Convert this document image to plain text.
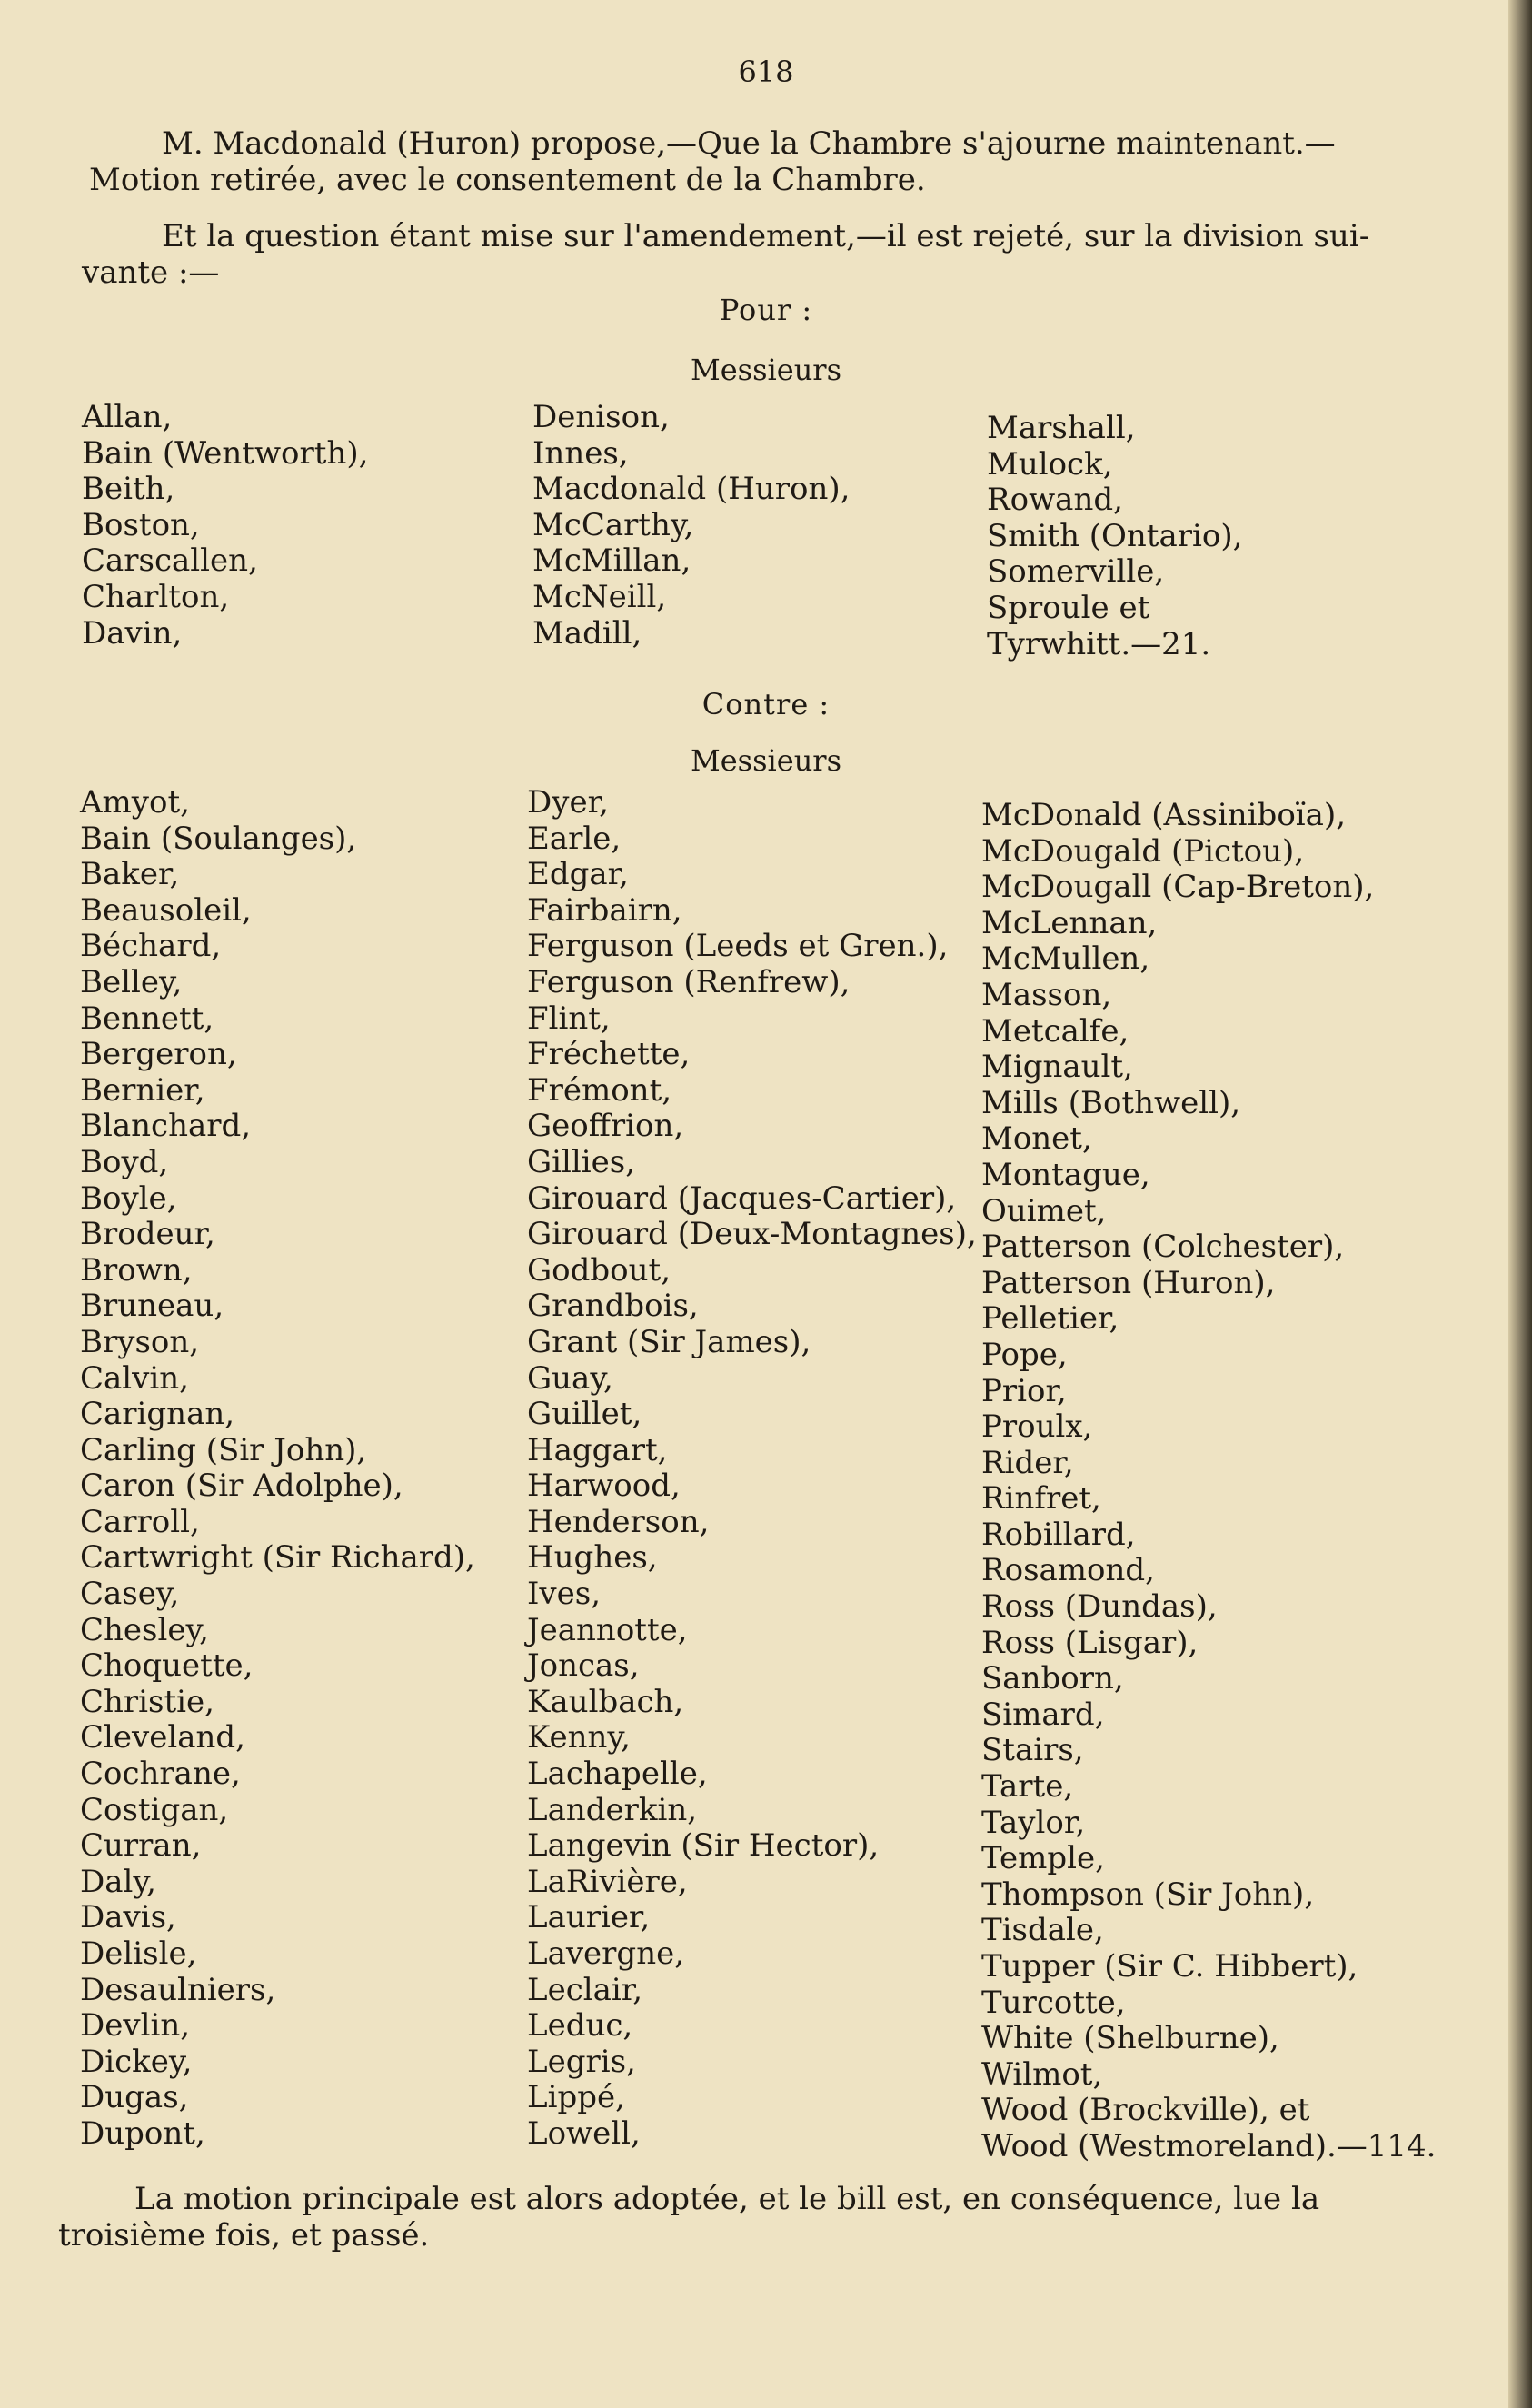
618
M. Macdonald (Huron) propose,—Que la Chambre s'ajourne maintenant.—
Motion retirée, avec le consentement de la Chambre.
Et la question étant mise sur l'amendement,—il est rejeté, sur la division sui-
vante :—
Pour :
Messieurs
Allan,
Bain (Wentworth),
Beith,
Boston,
Carscallen,
Charlton,
Davin,
Denison,
Innes,
Macdonald (Huron),
McCarthy,
McMillan,
McNeill,
Madill,
Marshall,
Mulock,
Rowand,
Smith (Ontario),
Somerville,
Sproule et
Tyrwhitt.—21.
Contre :
Messieurs
Amyot,
Bain (Soulanges),
Baker,
Beausoleil,
Béchard,
Belley,
Bennett,
Bergeron,
Bernier,
Blanchard,
Boyd,
Boyle,
Brodeur,
Brown,
Bruneau,
Bryson,
Calvin,
Carignan,
Carling (Sir John),
Caron (Sir Adolphe),
Carroll,
Cartwright (Sir Richard),
Casey,
Chesley,
Choquette,
Christie,
Cleveland,
Cochrane,
Costigan,
Curran,
Daly,
Davis,
Delisle,
Desaulniers,
Devlin,
Dickey,
Dugas,
Dupont,
Dyer,
Earle,
Edgar,
Fairbairn,
Ferguson (Leeds et Gren.),
Ferguson (Renfrew),
Flint,
Fréchette,
Frémont,
Geoffrion,
Gillies,
Girouard (Jacques-Cartier),
Girouard (Deux-Montagnes),
Godbout,
Grandbois,
Grant (Sir James),
Guay,
Guillet,
Haggart,
Harwood,
Henderson,
Hughes,
Ives,
Jeannotte,
Joncas,
Kaulbach,
Kenny,
Lachapelle,
Landerkin,
Langevin (Sir Hector),
LaRivière,
Laurier,
Lavergne,
Leclair,
Leduc,
Legris,
Lippé,
Lowell,
McDonald (Assiniboïa),
McDougald (Pictou),
McDougall (Cap-Breton),
McLennan,
McMullen,
Masson,
Metcalfe,
Mignault,
Mills (Bothwell),
Monet,
Montague,
Ouimet,
Patterson (Colchester),
Patterson (Huron),
Pelletier,
Pope,
Prior,
Proulx,
Rider,
Rinfret,
Robillard,
Rosamond,
Ross (Dundas),
Ross (Lisgar),
Sanborn,
Simard,
Stairs,
Tarte,
Taylor,
Temple,
Thompson (Sir John),
Tisdale,
Tupper (Sir C. Hibbert),
Turcotte,
White (Shelburne),
Wilmot,
Wood (Brockville), et
Wood (Westmoreland).—114.
La motion principale est alors adoptée, et le bill est, en conséquence, lue la
troisième fois, et passé.
